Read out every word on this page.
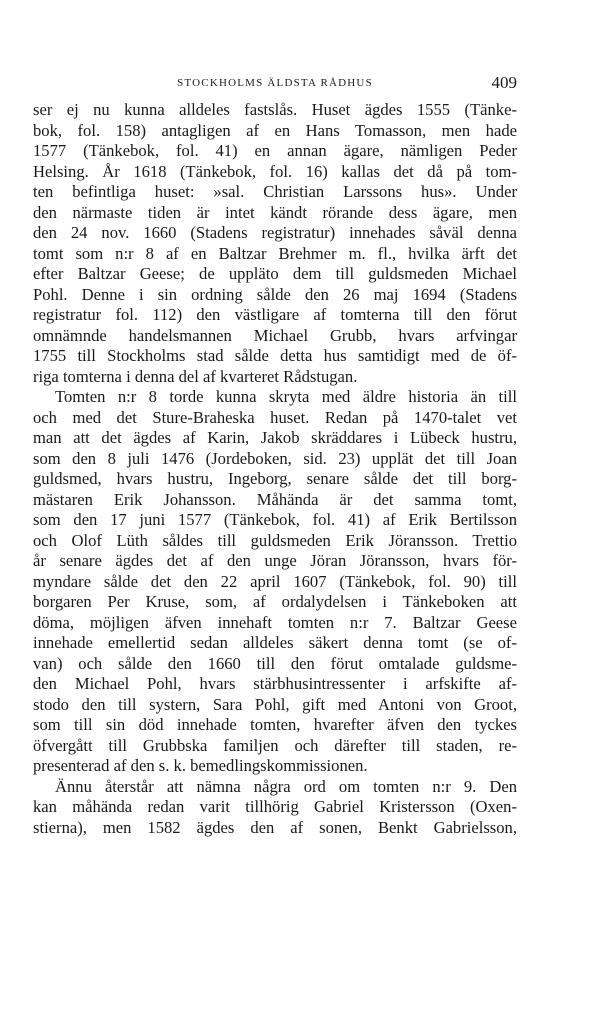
STOCKHOLMS ÄLDSTA RÅDHUS	409
ser ej nu kunna alldeles fastslås. Huset ägdes 1555 (Tänke-
bok, fol. 158) antagligen af en Hans Tomasson, men hade
1577 (Tänkebok, fol. 41) en annan ägare, nämligen Peder
Helsing. År 1618 (Tänkebok, fol. 16) kallas det då på tom-
ten befintliga huset: »sal. Christian Larssons hus». Under
den närmaste tiden är intet kändt rörande dess ägare, men
den 24 nov. 1660 (Stadens registratur) innehades såväl denna
tomt som n:r 8 af en Baltzar Brehmer m. fl., hvilka ärft det
efter Baltzar Geese; de uppläto dem till guldsmeden Michael
Pohl. Denne i sin ordning sålde den 26 maj 1694 (Stadens
registratur fol. 112) den västligare af tomterna till den förut
omnämnde handelsmannen Michael Grubb, hvars arfvingar
1755 till Stockholms stad sålde detta hus samtidigt med de öf-
riga tomterna i denna del af kvarteret Rådstugan.
Tomten n:r 8 torde kunna skryta med äldre historia än till
och med det Sture-Braheska huset. Redan på 1470-talet vet
man att det ägdes af Karin, Jakob skräddares i Lübeck hustru,
som den 8 juli 1476 (Jordeboken, sid. 23) upplät det till Joan
guldsmed, hvars hustru, Ingeborg, senare sålde det till borg-
mästaren Erik Johansson. Måhända är det samma tomt,
som den 17 juni 1577 (Tänkebok, fol. 41) af Erik Bertilsson
och Olof Lüth såldes till guldsmeden Erik Jöransson. Trettio
år senare ägdes det af den unge Jöran Jöransson, hvars för-
myndare sålde det den 22 april 1607 (Tänkebok, fol. 90) till
borgaren Per Kruse, som, af ordalydelsen i Tänkeboken att
döma, möjligen äfven innehaft tomten n:r 7. Baltzar Geese
innehade emellertid sedan alldeles säkert denna tomt (se of-
van) och sålde den 1660 till den förut omtalade guldsme-
den Michael Pohl, hvars stärbhusintressenter i arfskifte af-
stodo den till systern, Sara Pohl, gift med Antoni von Groot,
som till sin död innehade tomten, hvarefter äfven den tyckes
öfvergått till Grubbska familjen och därefter till staden, re-
presenterad af den s. k. bemedlingskommissionen.
Ännu återstår att nämna några ord om tomten n:r 9. Den
kan måhända redan varit tillhörig Gabriel Kristersson (Oxen-
stierna), men 1582 ägdes den af sonen, Benkt Gabrielsson,
